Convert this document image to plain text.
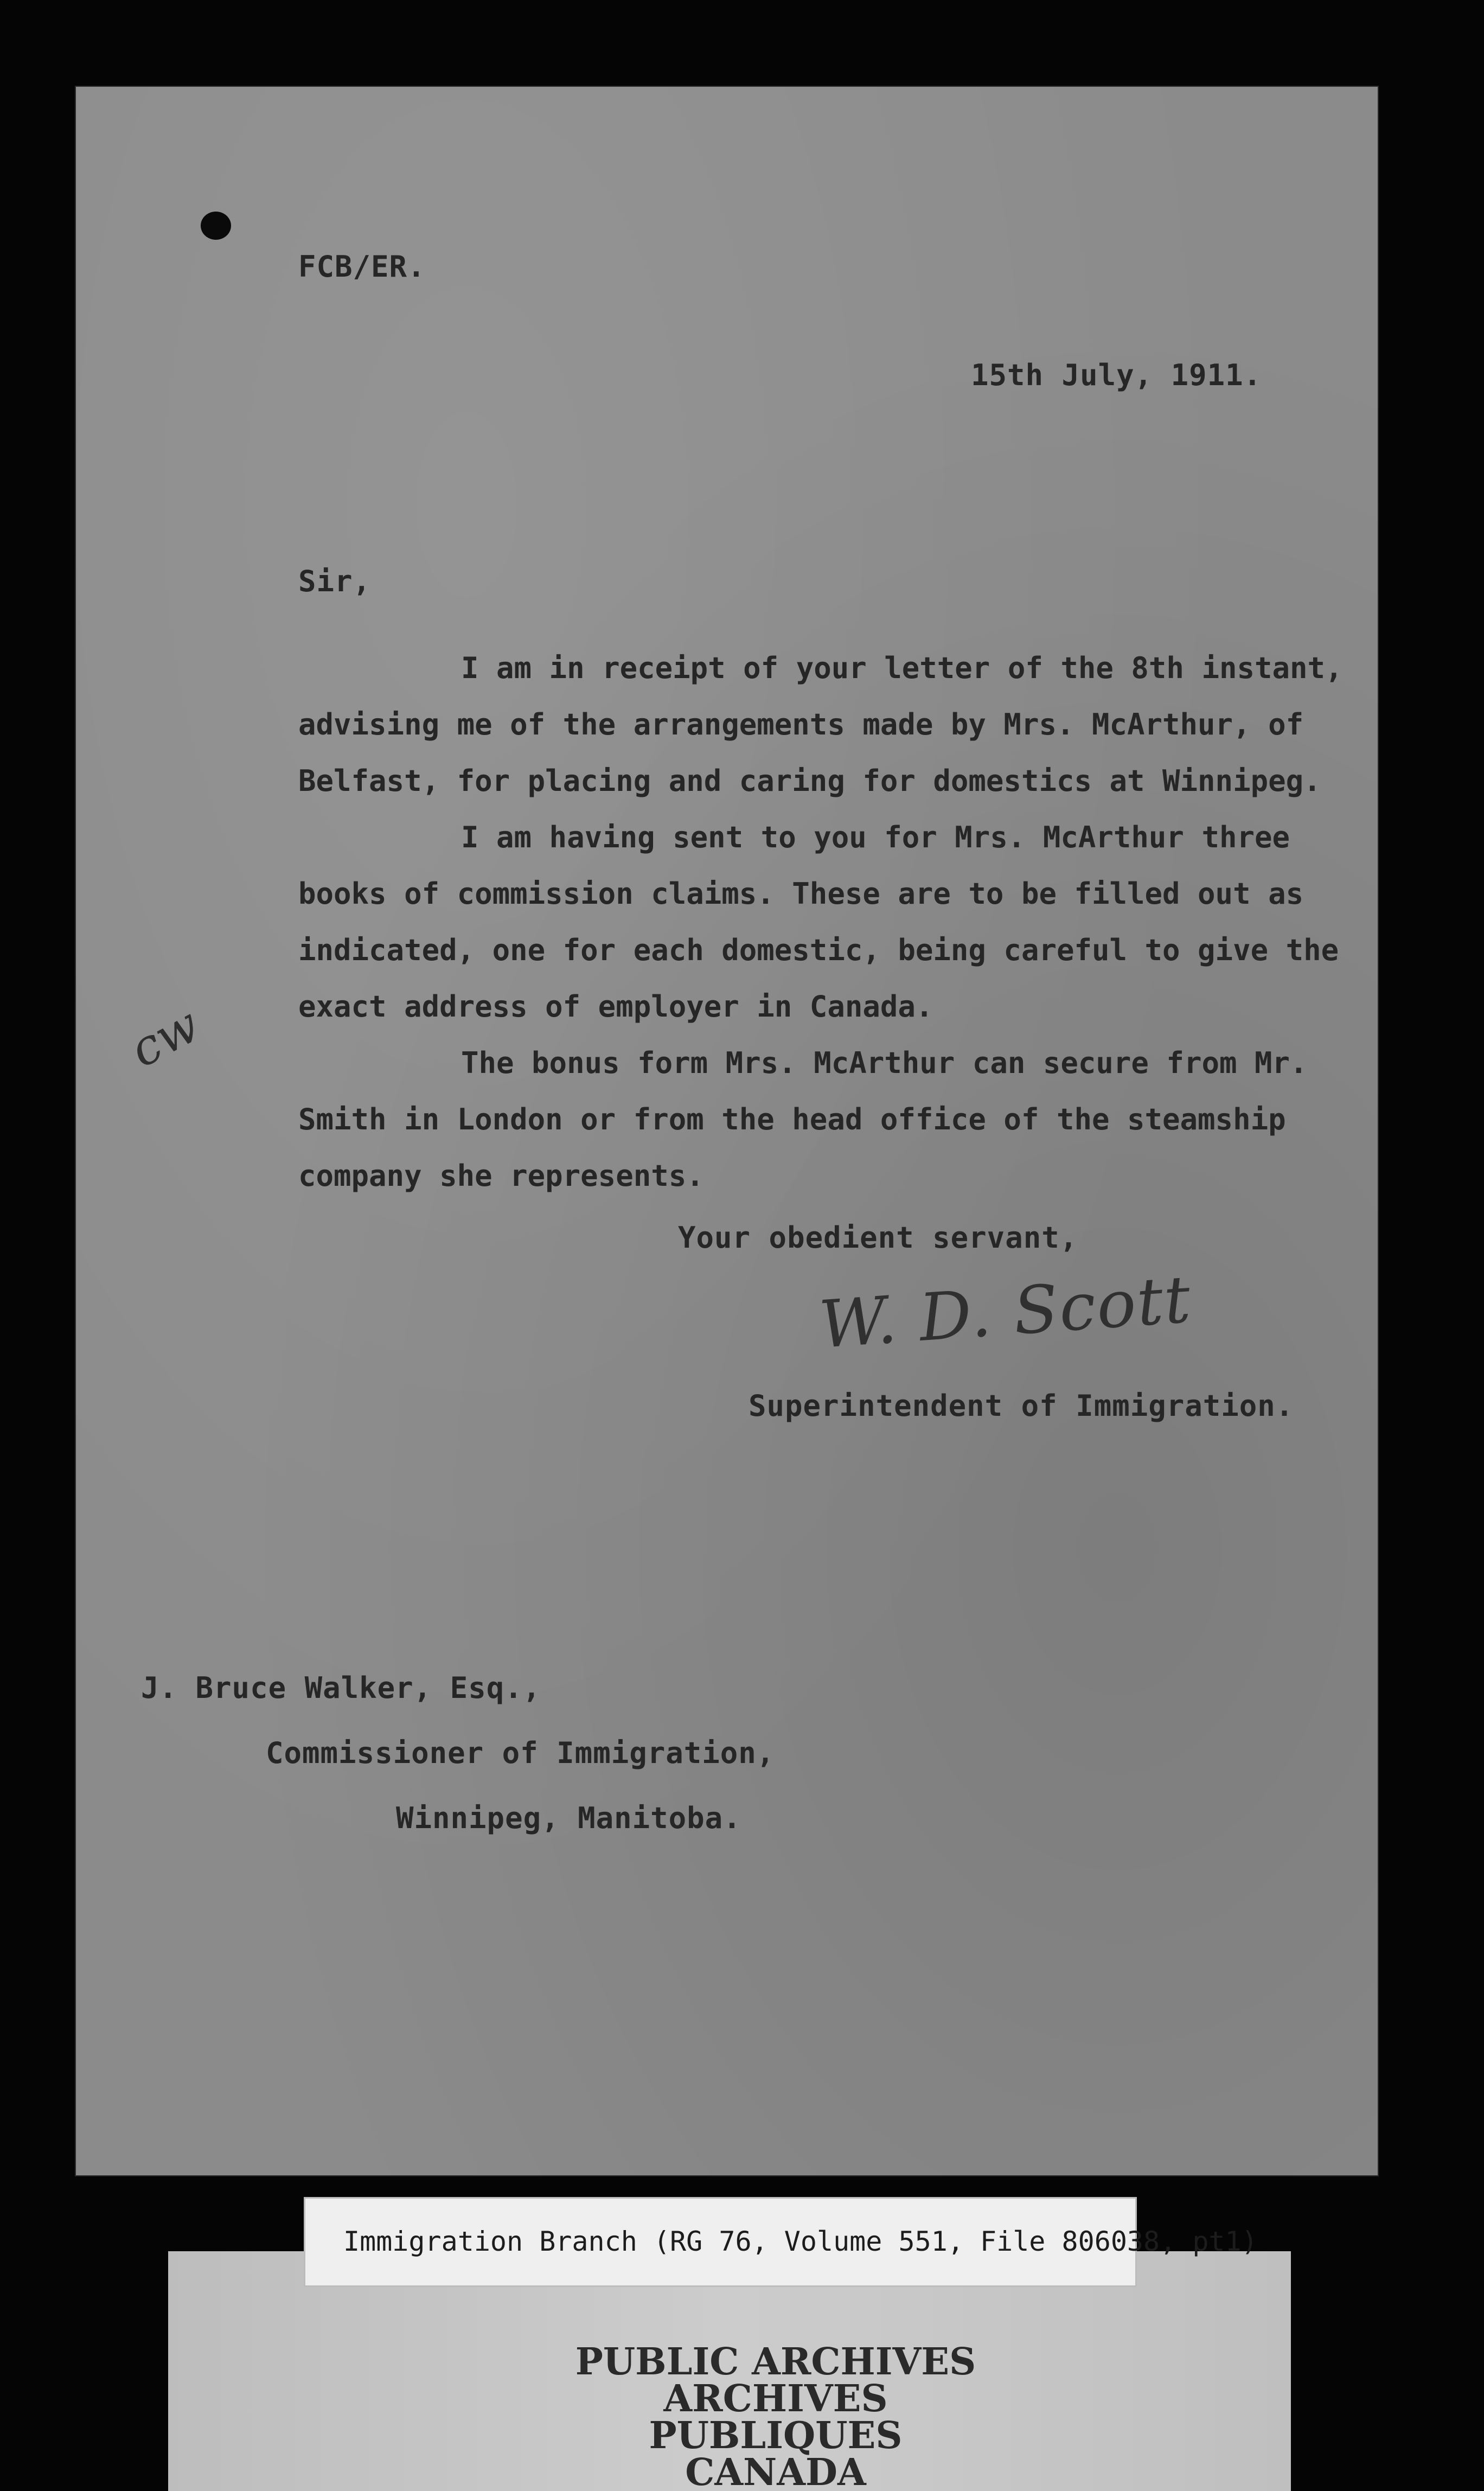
FCB/ER.
15th July, 1911.
Sir,

I am in receipt of your letter of the 8th instant, advising me of the arrangements made by Mrs. McArthur, of Belfast, for placing and caring for domestics at Winnipeg.

I am having sent to you for Mrs. McArthur three books of commission claims. These are to be filled out as indicated, one for each domestic, being careful to give the exact address of employer in Canada.

The bonus form Mrs. McArthur can secure from Mr. Smith in London or from the head office of the steamship company she represents.

Your obedient servant,
W. D. Scott
Superintendent of Immigration.
J. Bruce Walker, Esq.,
Commissioner of Immigration,
Winnipeg, Manitoba.
cw
Immigration Branch (RG 76, Volume 551, File 806038, pt1)
PUBLIC ARCHIVES
ARCHIVES PUBLIQUES
CANADA
